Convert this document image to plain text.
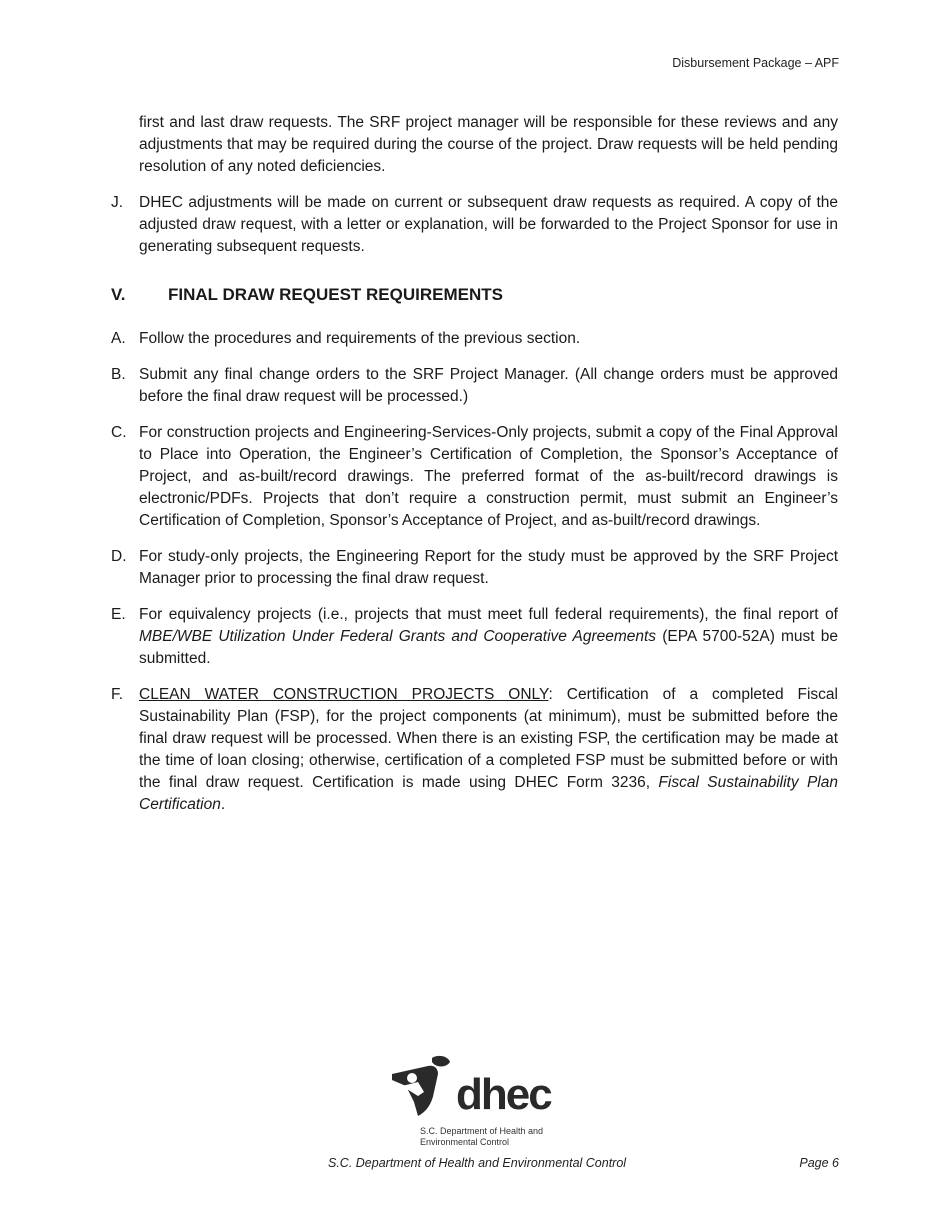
Disbursement Package – APF
first and last draw requests. The SRF project manager will be responsible for these reviews and any adjustments that may be required during the course of the project. Draw requests will be held pending resolution of any noted deficiencies.
J.	DHEC adjustments will be made on current or subsequent draw requests as required. A copy of the adjusted draw request, with a letter or explanation, will be forwarded to the Project Sponsor for use in generating subsequent requests.
V.	FINAL DRAW REQUEST REQUIREMENTS
A. Follow the procedures and requirements of the previous section.
B. Submit any final change orders to the SRF Project Manager. (All change orders must be approved before the final draw request will be processed.)
C. For construction projects and Engineering-Services-Only projects, submit a copy of the Final Approval to Place into Operation, the Engineer’s Certification of Completion, the Sponsor’s Acceptance of Project, and as-built/record drawings. The preferred format of the as-built/record drawings is electronic/PDFs. Projects that don’t require a construction permit, must submit an Engineer’s Certification of Completion, Sponsor’s Acceptance of Project, and as-built/record drawings.
D. For study-only projects, the Engineering Report for the study must be approved by the SRF Project Manager prior to processing the final draw request.
E. For equivalency projects (i.e., projects that must meet full federal requirements), the final report of MBE/WBE Utilization Under Federal Grants and Cooperative Agreements (EPA 5700-52A) must be submitted.
F.	CLEAN WATER CONSTRUCTION PROJECTS ONLY: Certification of a completed Fiscal Sustainability Plan (FSP), for the project components (at minimum), must be submitted before the final draw request will be processed. When there is an existing FSP, the certification may be made at the time of loan closing; otherwise, certification of a completed FSP must be submitted before or with the final draw request. Certification is made using DHEC Form 3236, Fiscal Sustainability Plan Certification.
dhec
S.C. Department of Health and
Environmental Control
S.C. Department of Health and Environmental Control	Page 6
